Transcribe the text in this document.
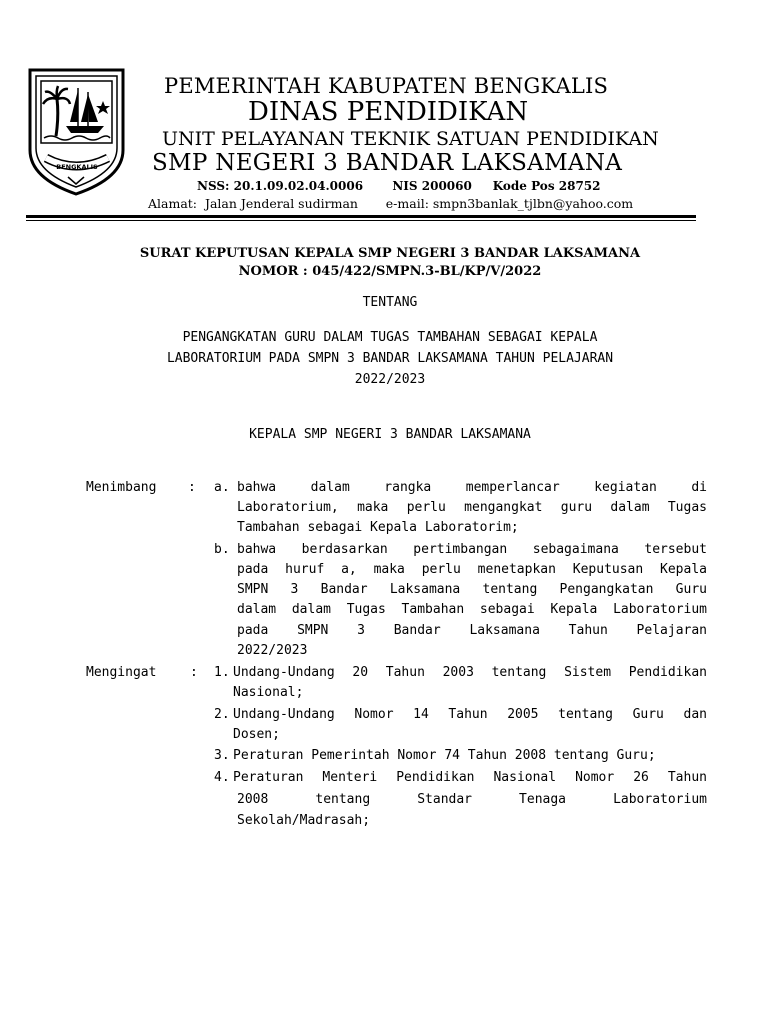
BENGKALIS
PEMERINTAH KABUPATEN BENGKALIS
DINAS PENDIDIKAN
UNIT PELAYANAN TEKNIK SATUAN PENDIDIKAN
SMP NEGERI 3 BANDAR LAKSAMANA
NSS: 20.1.09.02.04.0006       NIS 200060     Kode Pos 28752
Alamat:  Jalan Jenderal sudirman       e-mail: smpn3banlak_tjlbn@yahoo.com
SURAT KEPUTUSAN KEPALA SMP NEGERI 3 BANDAR LAKSAMANA
NOMOR : 045/422/SMPN.3-BL/KP/V/2022
TENTANG
PENGANGKATAN GURU DALAM TUGAS TAMBAHAN SEBAGAI KEPALA
LABORATORIUM PADA SMPN 3 BANDAR LAKSAMANA TAHUN PELAJARAN
2022/2023
KEPALA SMP NEGERI 3 BANDAR LAKSAMANA
Menimbang : a. bahwa dalam rangka memperlancar kegiatan di
Laboratorium, maka perlu mengangkat guru dalam Tugas
Tambahan sebagai Kepala Laboratorim;
b. bahwa berdasarkan pertimbangan sebagaimana tersebut
pada huruf a, maka perlu menetapkan Keputusan Kepala
SMPN 3 Bandar Laksamana tentang Pengangkatan Guru
dalam dalam Tugas Tambahan sebagai Kepala Laboratorium
pada SMPN 3 Bandar Laksamana Tahun Pelajaran
2022/2023
Mengingat	: 1. Undang-Undang 20 Tahun 2003 tentang Sistem Pendidikan
Nasional;
2. Undang-Undang Nomor 14 Tahun 2005 tentang Guru dan
Dosen;
3. Peraturan Pemerintah Nomor 74 Tahun 2008 tentang Guru;
4. Peraturan Menteri Pendidikan Nasional Nomor 26 Tahun
2008 tentang Standar Tenaga Laboratorium
Sekolah/Madrasah;
